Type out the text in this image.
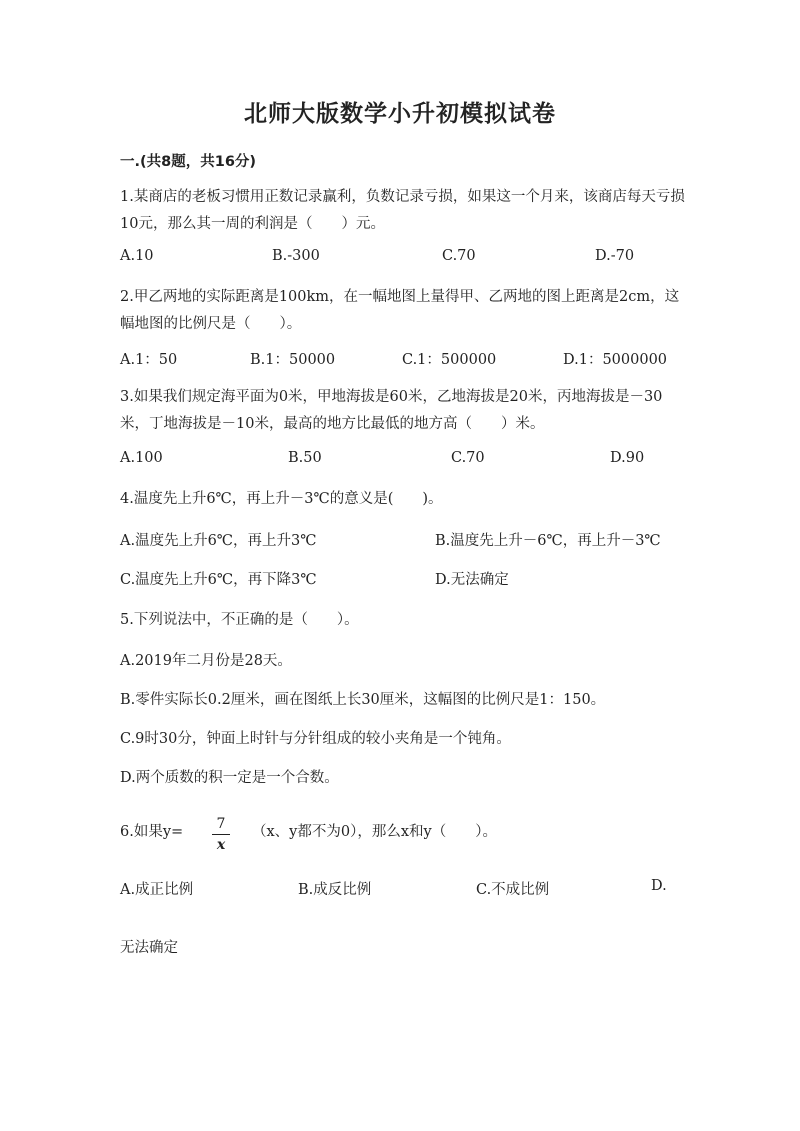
北师大版数学小升初模拟试卷
一.(共8题，共16分)
1.某商店的老板习惯用正数记录赢利，负数记录亏损，如果这一个月来，该商店每天亏损10元，那么其一周的利润是（　　）元。
A.10	B.-300	C.70	D.-70
2.甲乙两地的实际距离是100km，在一幅地图上量得甲、乙两地的图上距离是2cm，这幅地图的比例尺是（　　）。
A.1：50	B.1：50000	C.1：500000	D.1：5000000
3.如果我们规定海平面为0米，甲地海拔是60米，乙地海拔是20米，丙地海拔是－30米，丁地海拔是－10米，最高的地方比最低的地方高（　　）米。
A.100	B.50	C.70	D.90
4.温度先上升6℃，再上升－3℃的意义是(　　)。
A.温度先上升6℃，再上升3℃	B.温度先上升－6℃，再上升－3℃
C.温度先上升6℃，再下降3℃	D.无法确定
5.下列说法中，不正确的是（　　）。
A.2019年二月份是28天。
B.零件实际长0.2厘米，画在图纸上长30厘米，这幅图的比例尺是1：150。
C.9时30分，钟面上时针与分针组成的较小夹角是一个钝角。
D.两个质数的积一定是一个合数。
6.如果y=	7
x
（x、y都不为0），那么x和y（　　）。
A.成正比例	B.成反比例	C.不成比例	D.
无法确定
